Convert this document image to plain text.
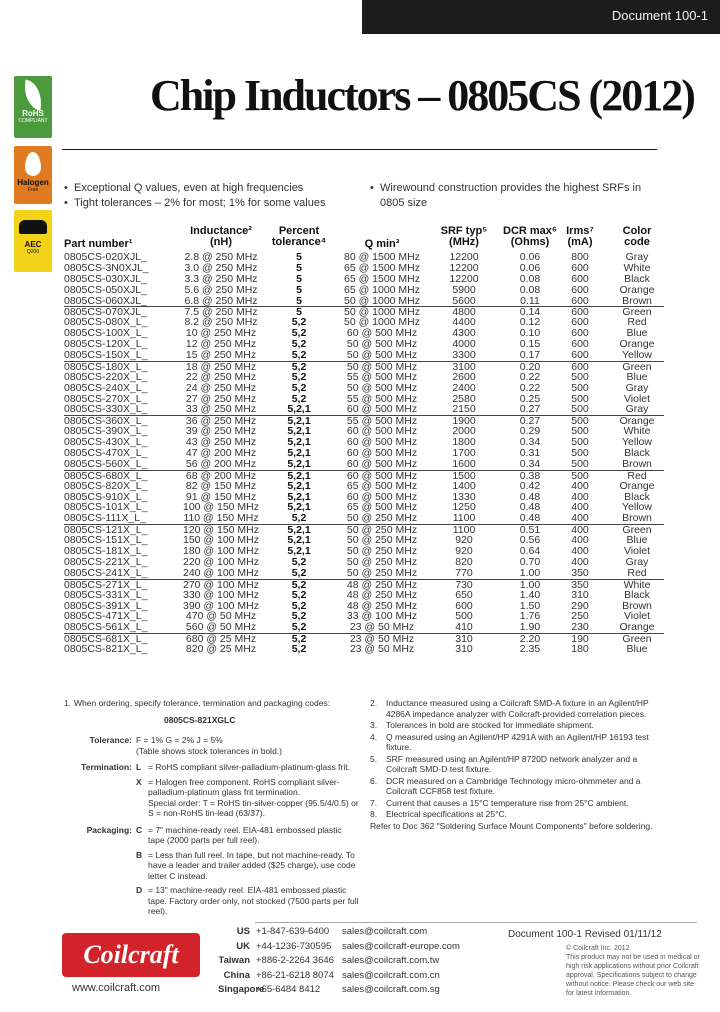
Document 100-1
RoHS
COMPLIANT
Halogen
Free
AEC
Q200
Chip Inductors – 0805CS (2012)
• Exceptional Q values, even at high frequencies
• Tight tolerances – 2% for most; 1% for some values
• Wirewound construction provides the highest SRFs in 0805 size
Part number¹
Inductance²
(nH)
Percent
tolerance⁴	Q min³
SRF typ⁵
(MHz)
DCR max⁶
(Ohms)
Irms⁷
(mA)
Color
code
0805CS-020XJL_	2.8 @ 250 MHz	5	80 @ 1500 MHz	12200	0.06	800	Gray
0805CS-3N0XJL_	3.0 @ 250 MHz	5	65 @ 1500 MHz	12200	0.06	600	White
0805CS-030XJL_	3.3 @ 250 MHz	5	65 @ 1500 MHz	12200	0.08	600	Black
0805CS-050XJL_	5.6 @ 250 MHz	5	65 @ 1000 MHz	5900	0.08	600	Orange
0805CS-060XJL_	6.8 @ 250 MHz	5	50 @ 1000 MHz	5600	0.11	600	Brown
0805CS-070XJL_	7.5 @ 250 MHz	5	50 @ 1000 MHz	4800	0.14	600	Green
0805CS-080X_L_	8.2 @ 250 MHz	5,2	50 @ 1000 MHz	4400	0.12	600	Red
0805CS-100X_L_	10 @ 250 MHz	5,2	60 @ 500 MHz	4300	0.10	600	Blue
0805CS-120X_L_	12 @ 250 MHz	5,2	50 @ 500 MHz	4000	0.15	600	Orange
0805CS-150X_L_	15 @ 250 MHz	5,2	50 @ 500 MHz	3300	0.17	600	Yellow
0805CS-180X_L_	18 @ 250 MHz	5,2	50 @ 500 MHz	3100	0.20	600	Green
0805CS-220X_L_	22 @ 250 MHz	5,2	55 @ 500 MHz	2600	0.22	500	Blue
0805CS-240X_L_	24 @ 250 MHz	5,2	50 @ 500 MHz	2400	0.22	500	Gray
0805CS-270X_L_	27 @ 250 MHz	5,2	55 @ 500 MHz	2580	0.25	500	Violet
0805CS-330X_L_	33 @ 250 MHz	5,2,1	60 @ 500 MHz	2150	0.27	500	Gray
0805CS-360X_L_	36 @ 250 MHz	5,2,1	55 @ 500 MHz	1900	0.27	500	Orange
0805CS-390X_L_	39 @ 250 MHz	5,2,1	60 @ 500 MHz	2000	0.29	500	White
0805CS-430X_L_	43 @ 250 MHz	5,2,1	60 @ 500 MHz	1800	0.34	500	Yellow
0805CS-470X_L_	47 @ 200 MHz	5,2,1	60 @ 500 MHz	1700	0.31	500	Black
0805CS-560X_L_	56 @ 200 MHz	5,2,1	60 @ 500 MHz	1600	0.34	500	Brown
0805CS-680X_L_	68 @ 200 MHz	5,2,1	60 @ 500 MHz	1500	0.38	500	Red
0805CS-820X_L_	82 @ 150 MHz	5,2,1	65 @ 500 MHz	1400	0.42	400	Orange
0805CS-910X_L_	91 @ 150 MHz	5,2,1	60 @ 500 MHz	1330	0.48	400	Black
0805CS-101X_L_	100 @ 150 MHz	5,2,1	65 @ 500 MHz	1250	0.48	400	Yellow
0805CS-111X_L_	110 @ 150 MHz	5,2	50 @ 250 MHz	1100	0.48	400	Brown
0805CS-121X_L_	120 @ 150 MHz	5,2,1	50 @ 250 MHz	1100	0.51	400	Green
0805CS-151X_L_	150 @ 100 MHz	5,2,1	50 @ 250 MHz	920	0.56	400	Blue
0805CS-181X_L_	180 @ 100 MHz	5,2,1	50 @ 250 MHz	920	0.64	400	Violet
0805CS-221X_L_	220 @ 100 MHz	5,2	50 @ 250 MHz	820	0.70	400	Gray
0805CS-241X_L_	240 @ 100 MHz	5,2	50 @ 250 MHz	770	1.00	350	Red
0805CS-271X_L_	270 @ 100 MHz	5,2	48 @ 250 MHz	730	1.00	350	White
0805CS-331X_L_	330 @ 100 MHz	5,2	48 @ 250 MHz	650	1.40	310	Black
0805CS-391X_L_	390 @ 100 MHz	5,2	48 @ 250 MHz	600	1.50	290	Brown
0805CS-471X_L_	470 @ 50 MHz	5,2	33 @ 100 MHz	500	1.76	250	Violet
0805CS-561X_L_	560 @ 50 MHz	5,2	23 @ 50 MHz	410	1.90	230	Orange
0805CS-681X_L_	680 @ 25 MHz	5,2	23 @ 50 MHz	310	2.20	190	Green
0805CS-821X_L_	820 @ 25 MHz	5,2	23 @ 50 MHz	310	2.35	180	Blue
1. When ordering, specify tolerance, termination and packaging codes:
0805CS-821XGLC
Tolerance: F = 1% G = 2% J = 5%
(Table shows stock tolerances in bold.)
Termination: L = RoHS compliant silver-palladium-platinum-glass frit.
X = Halogen free component. RoHS compliant silver-palladium-platinum glass frit termination.
Special order: T = RoHS tin-silver-copper (95.5/4/0.5) or S = non-RoHS tin-lead (63/37).
Packaging: C = 7" machine-ready reel. EIA-481 embossed plastic tape (2000 parts per full reel).
B = Less than full reel. In tape, but not machine-ready. To have a leader and trailer added ($25 charge), use code letter C instead.
D = 13" machine-ready reel. EIA-481 embossed plastic tape. Factory order only, not stocked (7500 parts per full reel).
2. Inductance measured using a Coilcraft SMD-A fixture in an Agilent/HP 4286A impedance analyzer with Coilcraft-provided correlation pieces.
3. Tolerances in bold are stocked for immediate shipment.
4. Q measured using an Agilent/HP 4291A with an Agilent/HP 16193 test fixture.
5. SRF measured using an Agilent/HP 8720D network analyzer and a Coilcraft SMD-D test fixture.
6. DCR measured on a Cambridge Technology micro-ohmmeter and a Coilcraft CCF858 test fixture.
7. Current that causes a 15°C temperature rise from 25°C ambient.
8. Electrical specifications at 25°C.
Refer to Doc 362 "Soldering Surface Mount Components" before soldering.
Coilcraft
www.coilcraft.com
US +1-847-639-6400	sales@coilcraft.com
UK +44-1236-730595	sales@coilcraft-europe.com
Taiwan +886-2-2264 3646 sales@coilcraft.com.tw
China +86-21-6218 8074 sales@coilcraft.com.cn
Singapore
+65-6484 8412	sales@coilcraft.com.sg
Document 100-1 Revised 01/11/12
© Coilcraft Inc. 2012
This product may not be used in medical or high risk applications without prior Coilcraft approval. Specifications subject to change without notice. Please check our web site for latest information.
